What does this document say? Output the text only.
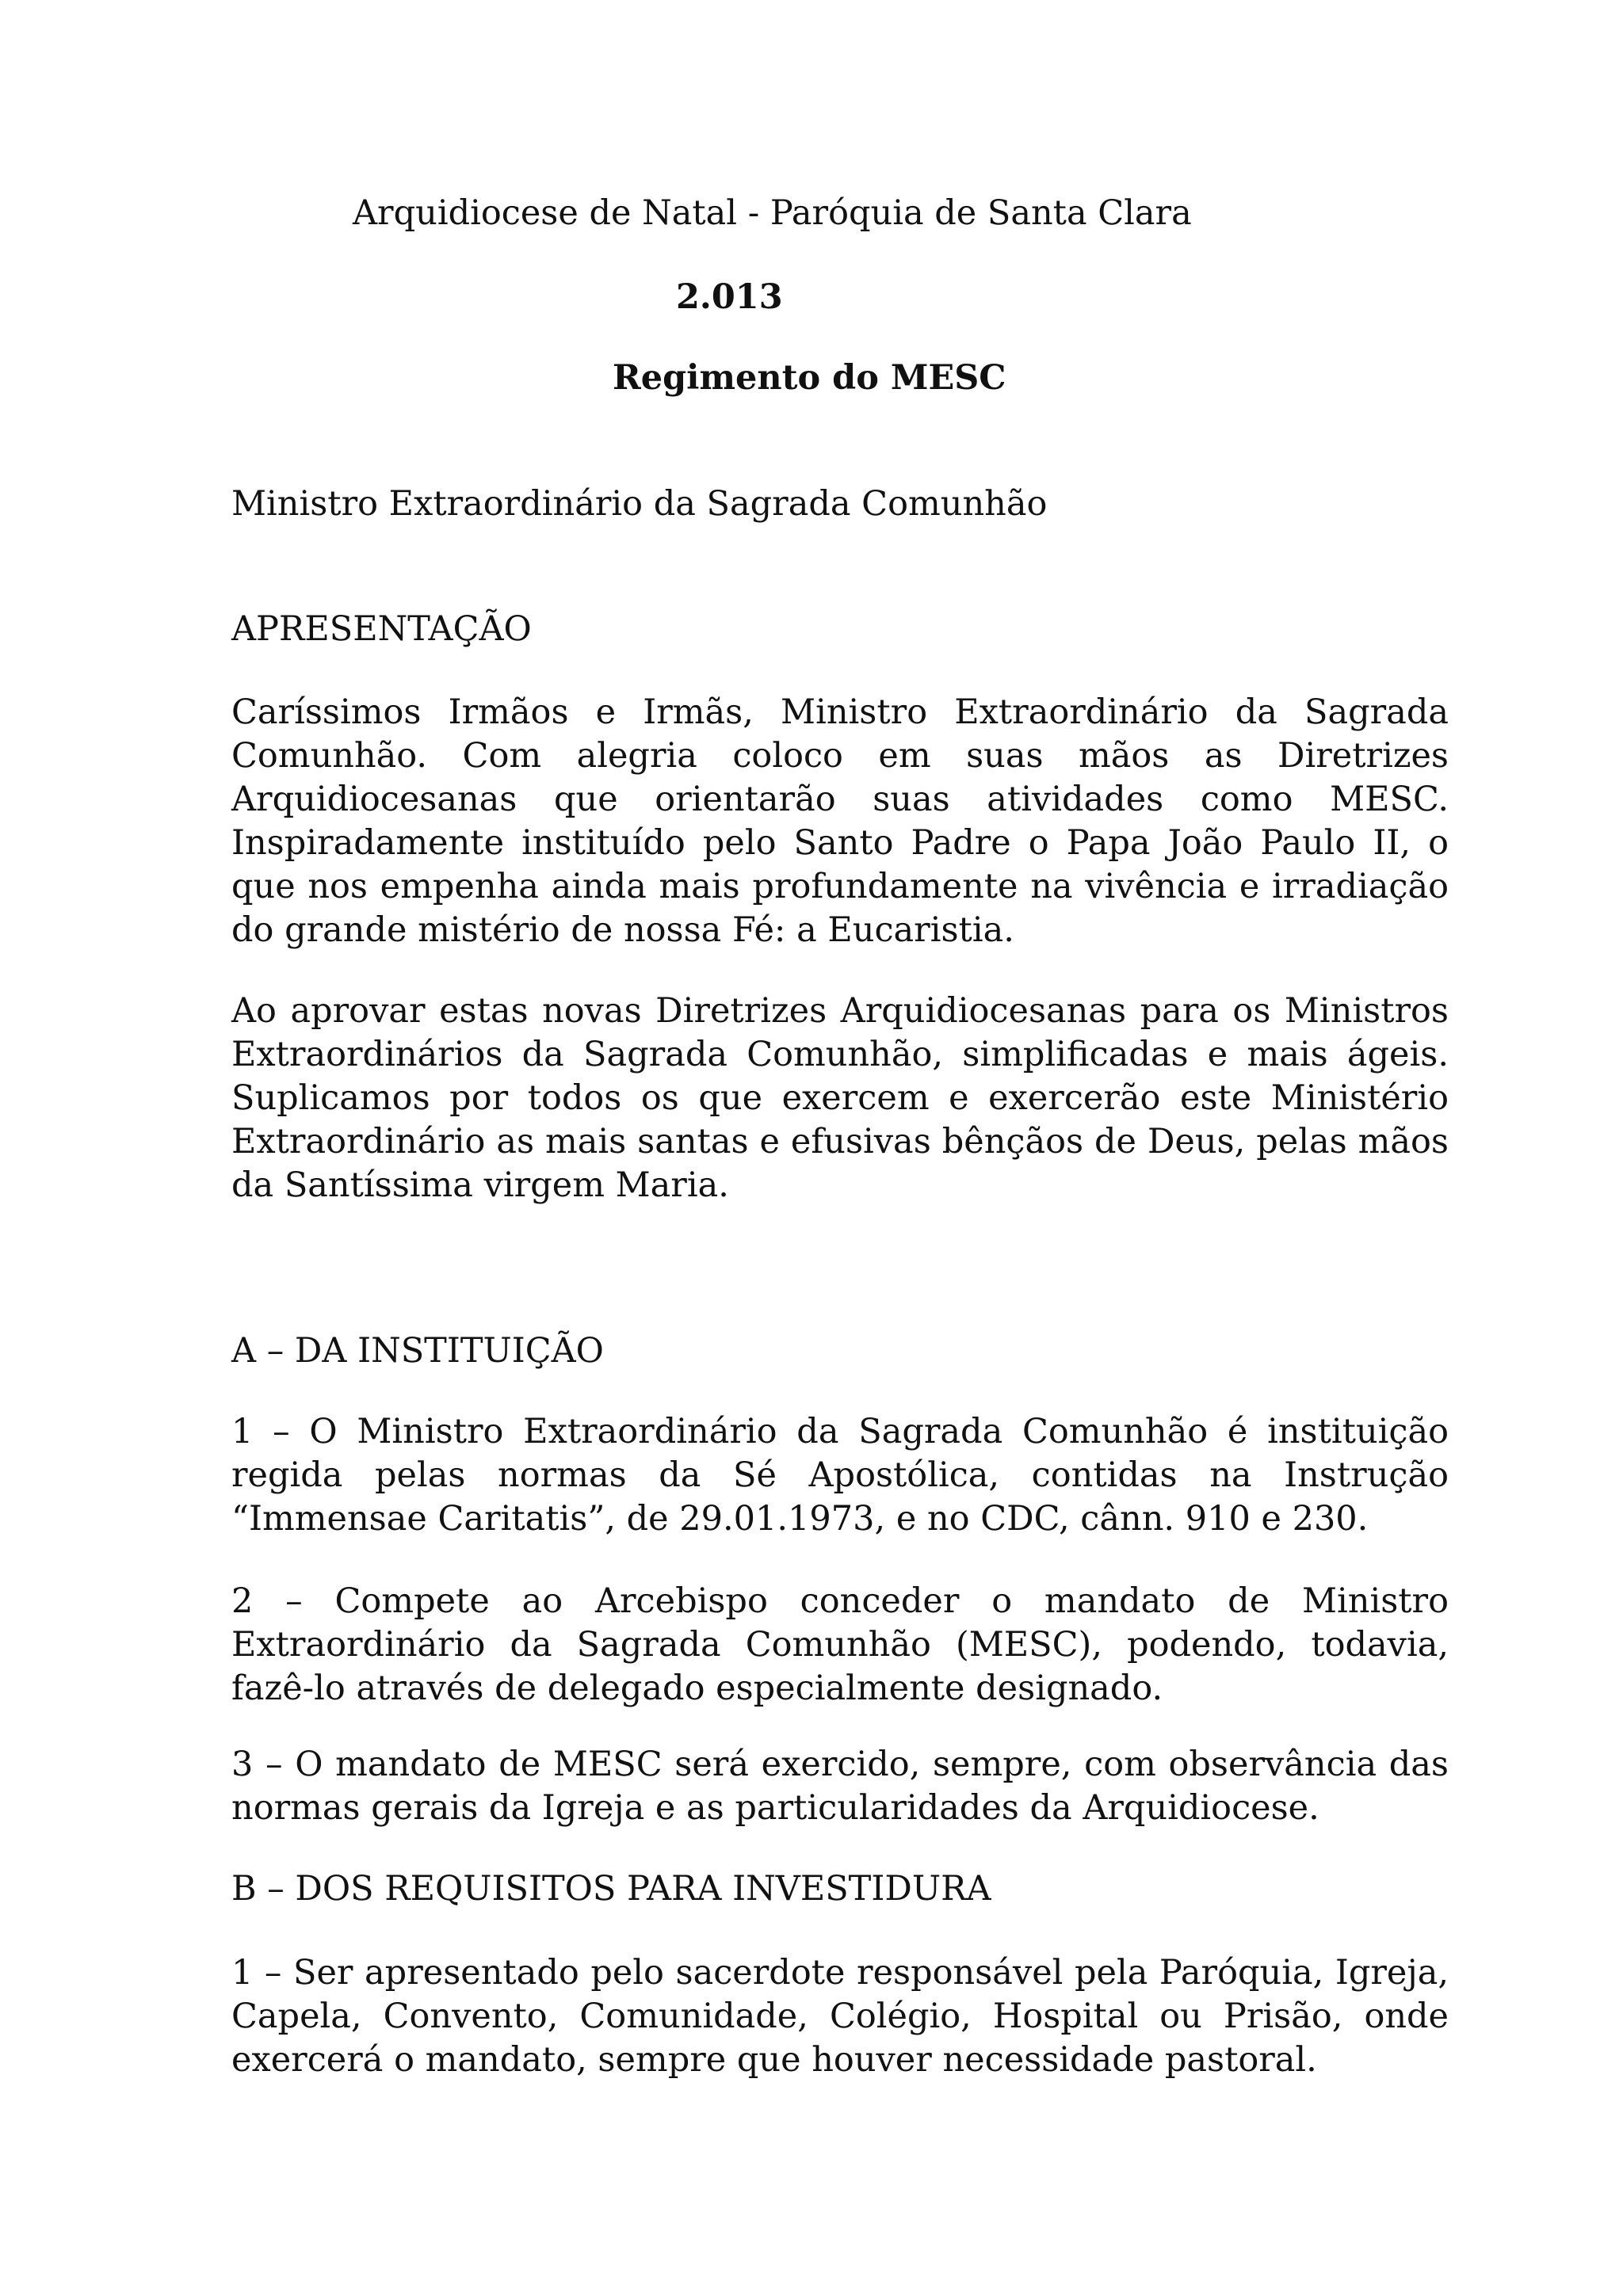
Arquidiocese de Natal - Paróquia de Santa Clara

2.013

Regimento do MESC

Ministro Extraordinário da Sagrada Comunhão

APRESENTAÇÃO

Caríssimos Irmãos e Irmãs, Ministro Extraordinário da Sagrada Comunhão. Com alegria coloco em suas mãos as Diretrizes Arquidiocesanas que orientarão suas atividades como MESC. Inspiradamente instituído pelo Santo Padre o Papa João Paulo II, o que nos empenha ainda mais profundamente na vivência e irradiação do grande mistério de nossa Fé: a Eucaristia.

Ao aprovar estas novas Diretrizes Arquidiocesanas para os Ministros Extraordinários da Sagrada Comunhão, simplificadas e mais ágeis. Suplicamos por todos os que exercem e exercerão este Ministério Extraordinário as mais santas e efusivas bênçãos de Deus, pelas mãos da Santíssima virgem Maria.

A – DA INSTITUIÇÃO

1 – O Ministro Extraordinário da Sagrada Comunhão é instituição regida pelas normas da Sé Apostólica, contidas na Instrução “Immensae Caritatis”, de 29.01.1973, e no CDC, cânn. 910 e 230.

2 – Compete ao Arcebispo conceder o mandato de Ministro Extraordinário da Sagrada Comunhão (MESC), podendo, todavia, fazê-lo através de delegado especialmente designado.

3 – O mandato de MESC será exercido, sempre, com observância das normas gerais da Igreja e as particularidades da Arquidiocese.

B – DOS REQUISITOS PARA INVESTIDURA

1 – Ser apresentado pelo sacerdote responsável pela Paróquia, Igreja, Capela, Convento, Comunidade, Colégio, Hospital ou Prisão, onde exercerá o mandato, sempre que houver necessidade pastoral.
